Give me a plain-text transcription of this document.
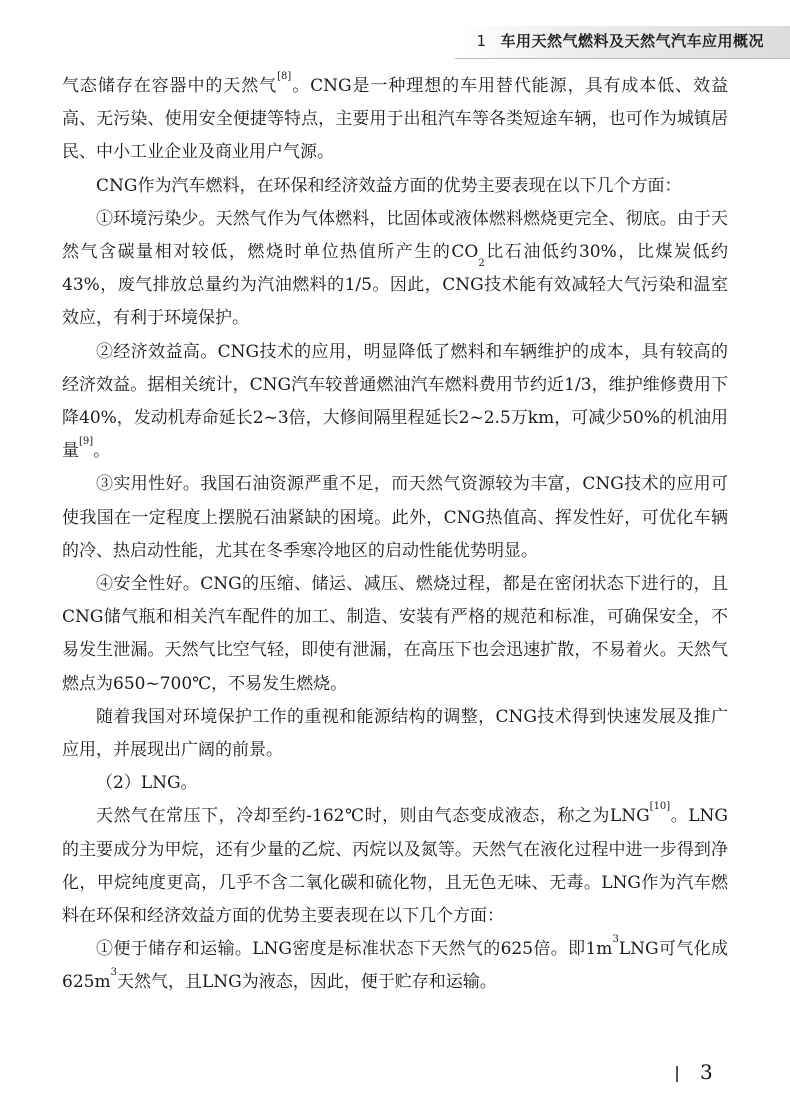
1 车用天然气燃料及天然气汽车应用概况

气态储存在容器中的天然气[8]。CNG是一种理想的车用替代能源，具有成本低、效益高、无污染、使用安全便捷等特点，主要用于出租汽车等各类短途车辆，也可作为城镇居民、中小工业企业及商业用户气源。

CNG作为汽车燃料，在环保和经济效益方面的优势主要表现在以下几个方面：

①环境污染少。天然气作为气体燃料，比固体或液体燃料燃烧更完全、彻底。由于天然气含碳量相对较低，燃烧时单位热值所产生的CO2比石油低约30%，比煤炭低约43%，废气排放总量约为汽油燃料的1/5。因此，CNG技术能有效减轻大气污染和温室效应，有利于环境保护。

②经济效益高。CNG技术的应用，明显降低了燃料和车辆维护的成本，具有较高的经济效益。据相关统计，CNG汽车较普通燃油汽车燃料费用节约近1/3，维护维修费用下降40%，发动机寿命延长2~3倍，大修间隔里程延长2~2.5万km，可减少50%的机油用量[9]。

③实用性好。我国石油资源严重不足，而天然气资源较为丰富，CNG技术的应用可使我国在一定程度上摆脱石油紧缺的困境。此外，CNG热值高、挥发性好，可优化车辆的冷、热启动性能，尤其在冬季寒冷地区的启动性能优势明显。

④安全性好。CNG的压缩、储运、减压、燃烧过程，都是在密闭状态下进行的，且CNG储气瓶和相关汽车配件的加工、制造、安装有严格的规范和标准，可确保安全，不易发生泄漏。天然气比空气轻，即使有泄漏，在高压下也会迅速扩散，不易着火。天然气燃点为650~700℃，不易发生燃烧。

随着我国对环境保护工作的重视和能源结构的调整，CNG技术得到快速发展及推广应用，并展现出广阔的前景。

（2）LNG。

天然气在常压下，冷却至约-162℃时，则由气态变成液态，称之为LNG[10]。LNG的主要成分为甲烷，还有少量的乙烷、丙烷以及氮等。天然气在液化过程中进一步得到净化，甲烷纯度更高，几乎不含二氧化碳和硫化物，且无色无味、无毒。LNG作为汽车燃料在环保和经济效益方面的优势主要表现在以下几个方面：

①便于储存和运输。LNG密度是标准状态下天然气的625倍。即$1m^3LNG$可气化成$625m^3$天然气，且LNG为液态，因此，便于贮存和运输。

3
